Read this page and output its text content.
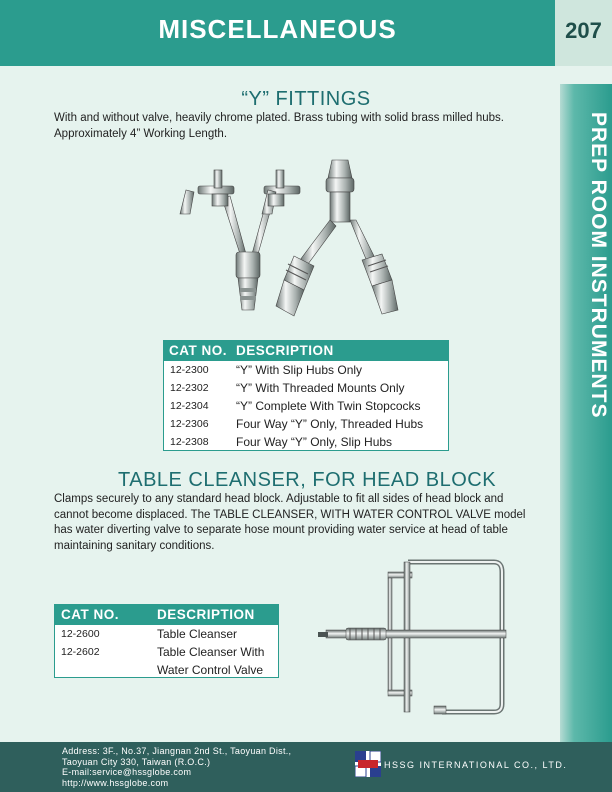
MISCELLANEOUS	207
PREP ROOM INSTRUMENTS
“Y” FITTINGS
With and without valve, heavily chrome plated. Brass tubing with solid brass milled hubs.
Approximately 4” Working Length.
CAT NO. DESCRIPTION
12-2300 “Y” With Slip Hubs Only
12-2302 “Y” With Threaded Mounts Only
12-2304 “Y” Complete With Twin Stopcocks
12-2306 Four Way “Y” Only, Threaded Hubs
12-2308 Four Way “Y” Only, Slip Hubs
TABLE CLEANSER, FOR HEAD BLOCK
Clamps securely to any standard head block. Adjustable to fit all sides of head block and
cannot become displaced. The TABLE CLEANSER, WITH WATER CONTROL VALVE model
has water diverting valve to separate hose mount providing water service at head of table
maintaining sanitary conditions.
CAT NO.	DESCRIPTION
12-2600	Table Cleanser
12-2602	Table Cleanser With
Water Control Valve
Address: 3F., No.37, Jiangnan 2nd St., Taoyuan Dist.,
Taoyuan City 330, Taiwan (R.O.C.)
E-mail:service@hssglobe.com
http://www.hssglobe.com
HSSG INTERNATIONAL CO., LTD.
